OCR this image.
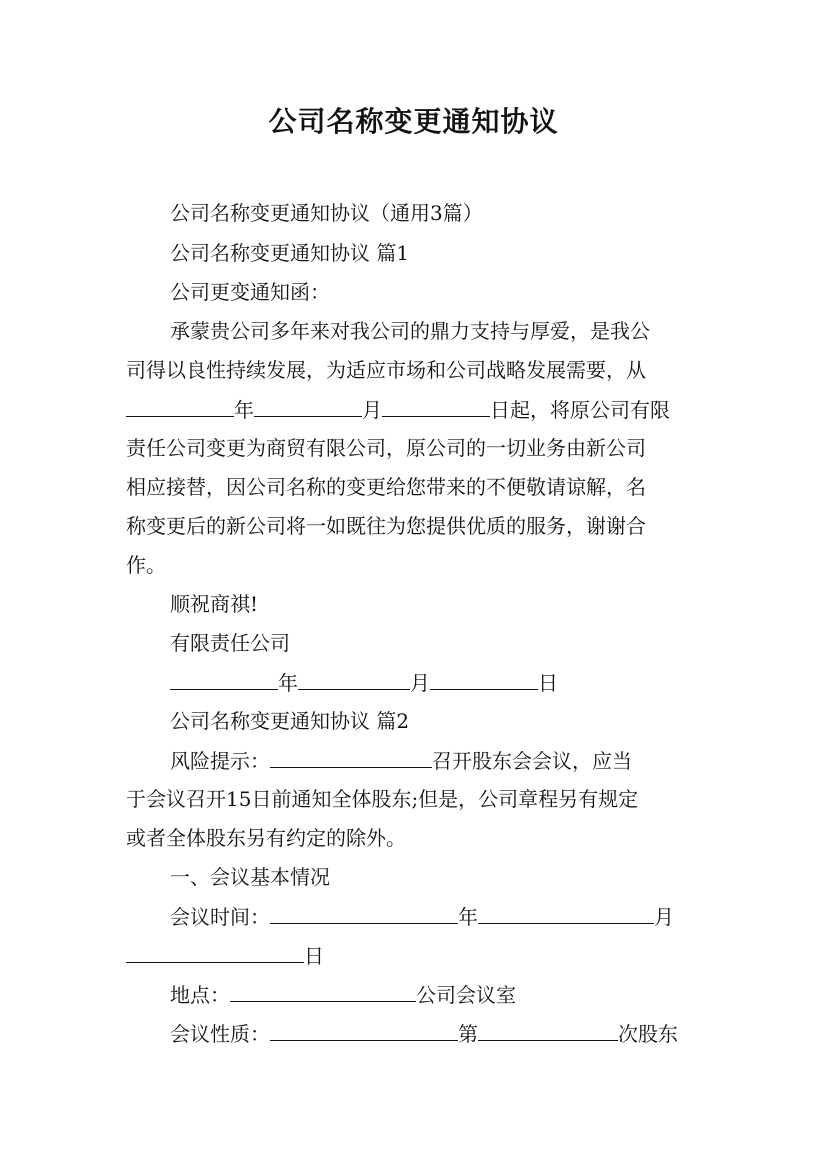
公司名称变更通知协议
公司名称变更通知协议（通用3篇）
公司名称变更通知协议 篇1
公司更变通知函：
承蒙贵公司多年来对我公司的鼎力支持与厚爱，是我公
司得以良性持续发展，为适应市场和公司战略发展需要，从
年	月	日起，将原公司有限
责任公司变更为商贸有限公司，原公司的一切业务由新公司
相应接替，因公司名称的变更给您带来的不便敬请谅解，名
称变更后的新公司将一如既往为您提供优质的服务，谢谢合
作。
顺祝商祺!
有限责任公司
年	月	日
公司名称变更通知协议 篇2
风险提示：	召开股东会会议，应当
于会议召开15日前通知全体股东;但是，公司章程另有规定
或者全体股东另有约定的除外。
一、会议基本情况
会议时间：	年	月
日
地点：	公司会议室
会议性质：	第	次股东
